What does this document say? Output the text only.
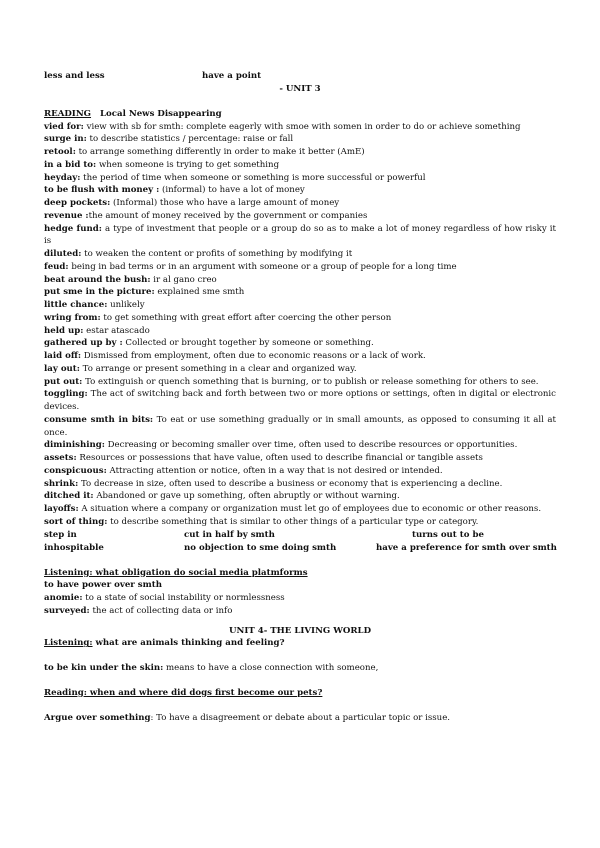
less and less	have a point
- UNIT 3
READING Local News Disappearing
vied for: view with sb for smth: complete eagerly with smoe with somen in order to do or achieve something
surge in: to describe statistics / percentage: raise or fall
retool: to arrange something differently in order to make it better (AmE)
in a bid to: when someone is trying to get something
heyday: the period of time when someone or something is more successful or powerful
to be flush with money : (informal) to have a lot of money
deep pockets: (Informal) those who have a large amount of money
revenue :the amount of money received by the government or companies
hedge fund: a type of investment that people or a group do so as to make a lot of money regardless of how risky it is
diluted: to weaken the content or profits of something by modifying it
feud: being in bad terms or in an argument with someone or a group of people for a long time
beat around the bush: ir al gano creo
put sme in the picture: explained sme smth
little chance: unlikely
wring from: to get something with great effort after coercing the other person
held up: estar atascado
gathered up by : Collected or brought together by someone or something.
laid off: Dismissed from employment, often due to economic reasons or a lack of work.
lay out: To arrange or present something in a clear and organized way.
put out: To extinguish or quench something that is burning, or to publish or release something for others to see.
toggling: The act of switching back and forth between two or more options or settings, often in digital or electronic devices.
consume smth in bits: To eat or use something gradually or in small amounts, as opposed to consuming it all at once.
diminishing: Decreasing or becoming smaller over time, often used to describe resources or opportunities.
assets: Resources or possessions that have value, often used to describe financial or tangible assets
conspicuous: Attracting attention or notice, often in a way that is not desired or intended.
shrink: To decrease in size, often used to describe a business or economy that is experiencing a decline.
ditched it: Abandoned or gave up something, often abruptly or without warning.
layoffs: A situation where a company or organization must let go of employees due to economic or other reasons.
sort of thing: to describe something that is similar to other things of a particular type or category.
step in	cut in half by smth	turns out to be
inhospitable	no objection to sme doing smth	have a preference for smth over smth
Listening: what obligation do social media platmforms
to have power over smth
anomie: to a state of social instability or normlessness
surveyed: the act of collecting data or info
UNIT 4- THE LIVING WORLD
Listening: what are animals thinking and feeling?
to be kin under the skin: means to have a close connection with someone,
Reading: when and where did dogs first become our pets?
Argue over something: To have a disagreement or debate about a particular topic or issue.
